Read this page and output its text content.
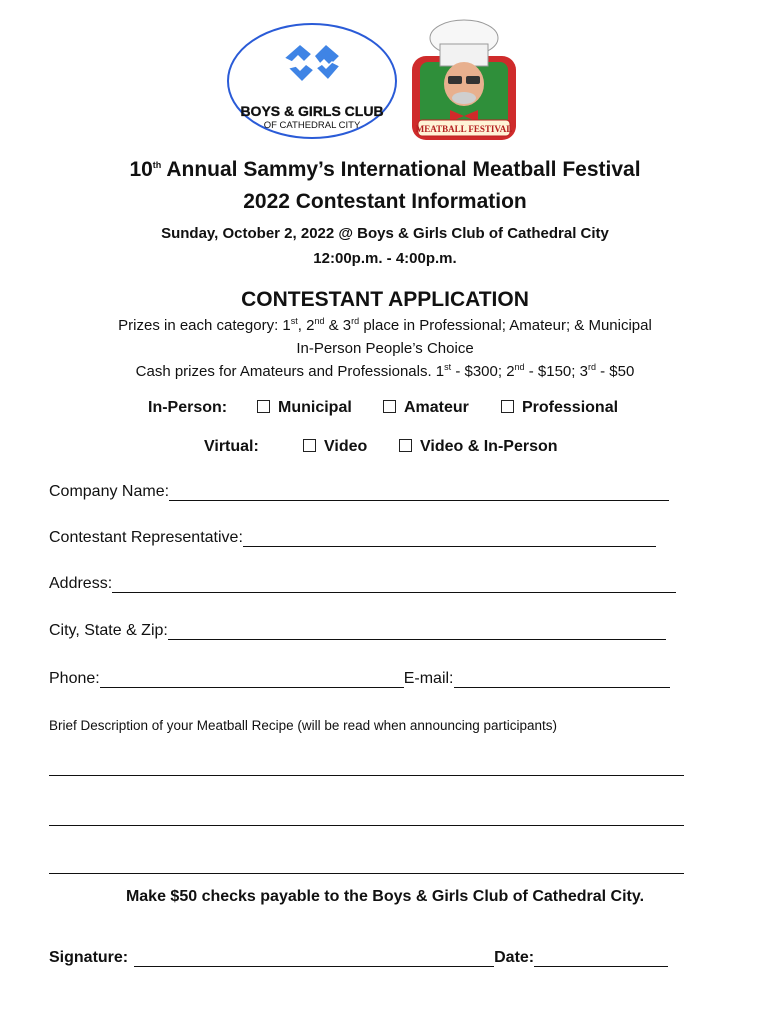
BOYS & GIRLS CLUB
OF CATHEDRAL CITY	MEATBALL FESTIVAL
10th Annual Sammy’s International Meatball Festival
2022 Contestant Information
Sunday, October 2, 2022 @ Boys & Girls Club of Cathedral City
12:00p.m. - 4:00p.m.
CONTESTANT APPLICATION
Prizes in each category: 1st, 2nd & 3rd place in Professional; Amateur; & Municipal
In-Person People’s Choice
Cash prizes for Amateurs and Professionals. 1st - $300; 2nd - $150; 3rd - $50
In-Person:	Municipal	Amateur	Professional
Virtual:	Video	Video & In-Person
Company Name:
Contestant Representative:
Address:
City, State & Zip:
Phone:	E-mail:
Brief Description of your Meatball Recipe (will be read when announcing participants)
Make $50 checks payable to the Boys & Girls Club of Cathedral City.
Signature:	Date:
